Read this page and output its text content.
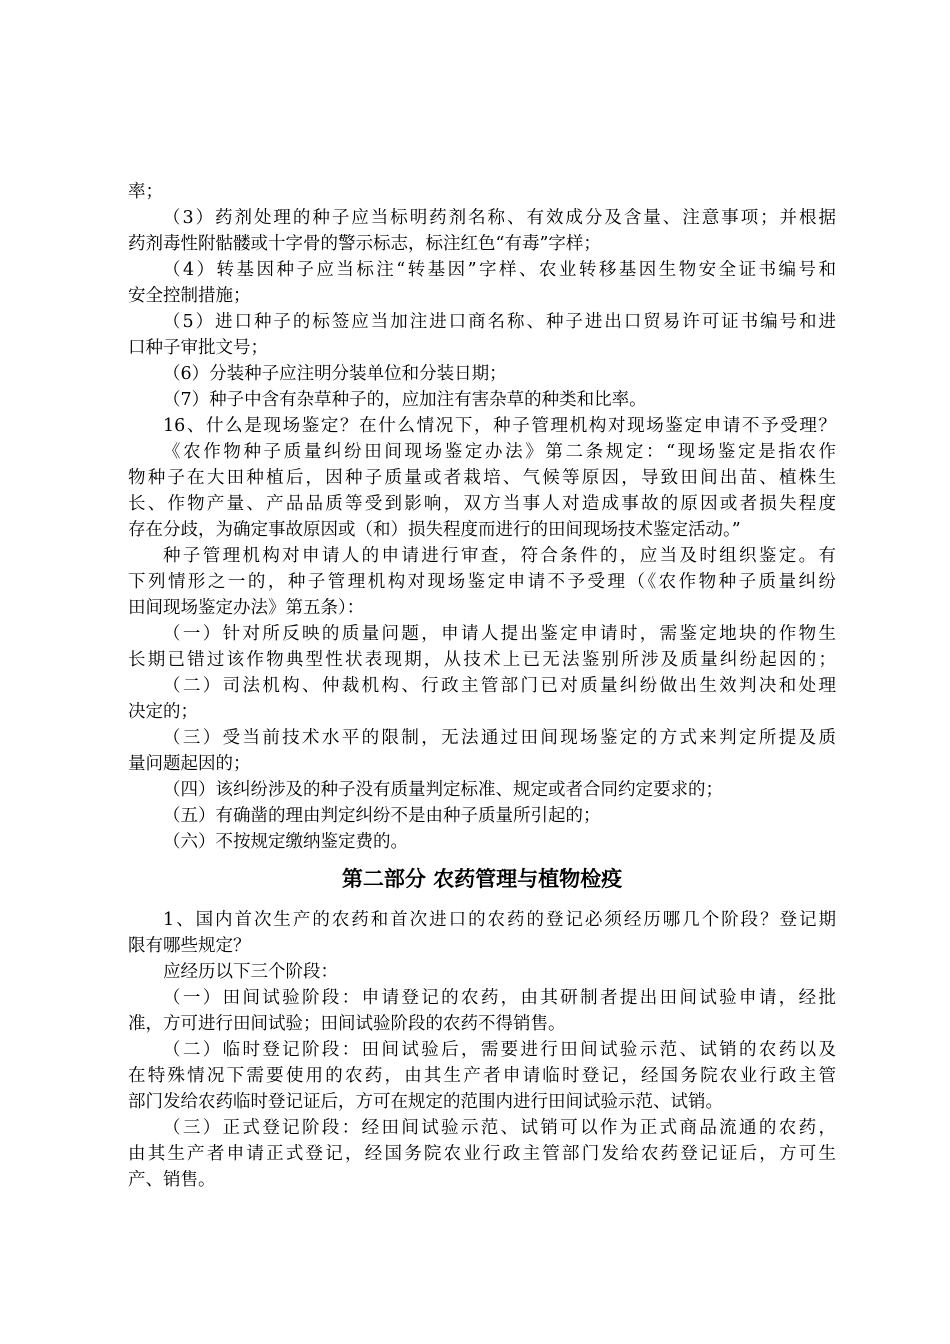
率；
（3）药剂处理的种子应当标明药剂名称、有效成分及含量、注意事项；并根据
药剂毒性附骷髅或十字骨的警示标志，标注红色“有毒”字样；
（4）转基因种子应当标注“转基因”字样、农业转移基因生物安全证书编号和
安全控制措施；
（5）进口种子的标签应当加注进口商名称、种子进出口贸易许可证书编号和进
口种子审批文号；
（6）分装种子应注明分装单位和分装日期；
（7）种子中含有杂草种子的，应加注有害杂草的种类和比率。
16、什么是现场鉴定？在什么情况下，种子管理机构对现场鉴定申请不予受理？
《农作物种子质量纠纷田间现场鉴定办法》第二条规定：“现场鉴定是指农作
物种子在大田种植后，因种子质量或者栽培、气候等原因，导致田间出苗、植株生
长、作物产量、产品品质等受到影响，双方当事人对造成事故的原因或者损失程度
存在分歧，为确定事故原因或（和）损失程度而进行的田间现场技术鉴定活动。”
种子管理机构对申请人的申请进行审查，符合条件的，应当及时组织鉴定。有
下列情形之一的，种子管理机构对现场鉴定申请不予受理（《农作物种子质量纠纷
田间现场鉴定办法》第五条）：
（一）针对所反映的质量问题，申请人提出鉴定申请时，需鉴定地块的作物生
长期已错过该作物典型性状表现期，从技术上已无法鉴别所涉及质量纠纷起因的；
（二）司法机构、仲裁机构、行政主管部门已对质量纠纷做出生效判决和处理
决定的；
（三）受当前技术水平的限制，无法通过田间现场鉴定的方式来判定所提及质
量问题起因的；
（四）该纠纷涉及的种子没有质量判定标准、规定或者合同约定要求的；
（五）有确凿的理由判定纠纷不是由种子质量所引起的；
（六）不按规定缴纳鉴定费的。
第二部分 农药管理与植物检疫
1、国内首次生产的农药和首次进口的农药的登记必须经历哪几个阶段？登记期
限有哪些规定？
应经历以下三个阶段：
（一）田间试验阶段：申请登记的农药，由其研制者提出田间试验申请，经批
准，方可进行田间试验；田间试验阶段的农药不得销售。
（二）临时登记阶段：田间试验后，需要进行田间试验示范、试销的农药以及
在特殊情况下需要使用的农药，由其生产者申请临时登记，经国务院农业行政主管
部门发给农药临时登记证后，方可在规定的范围内进行田间试验示范、试销。
（三）正式登记阶段：经田间试验示范、试销可以作为正式商品流通的农药，
由其生产者申请正式登记，经国务院农业行政主管部门发给农药登记证后，方可生
产、销售。
